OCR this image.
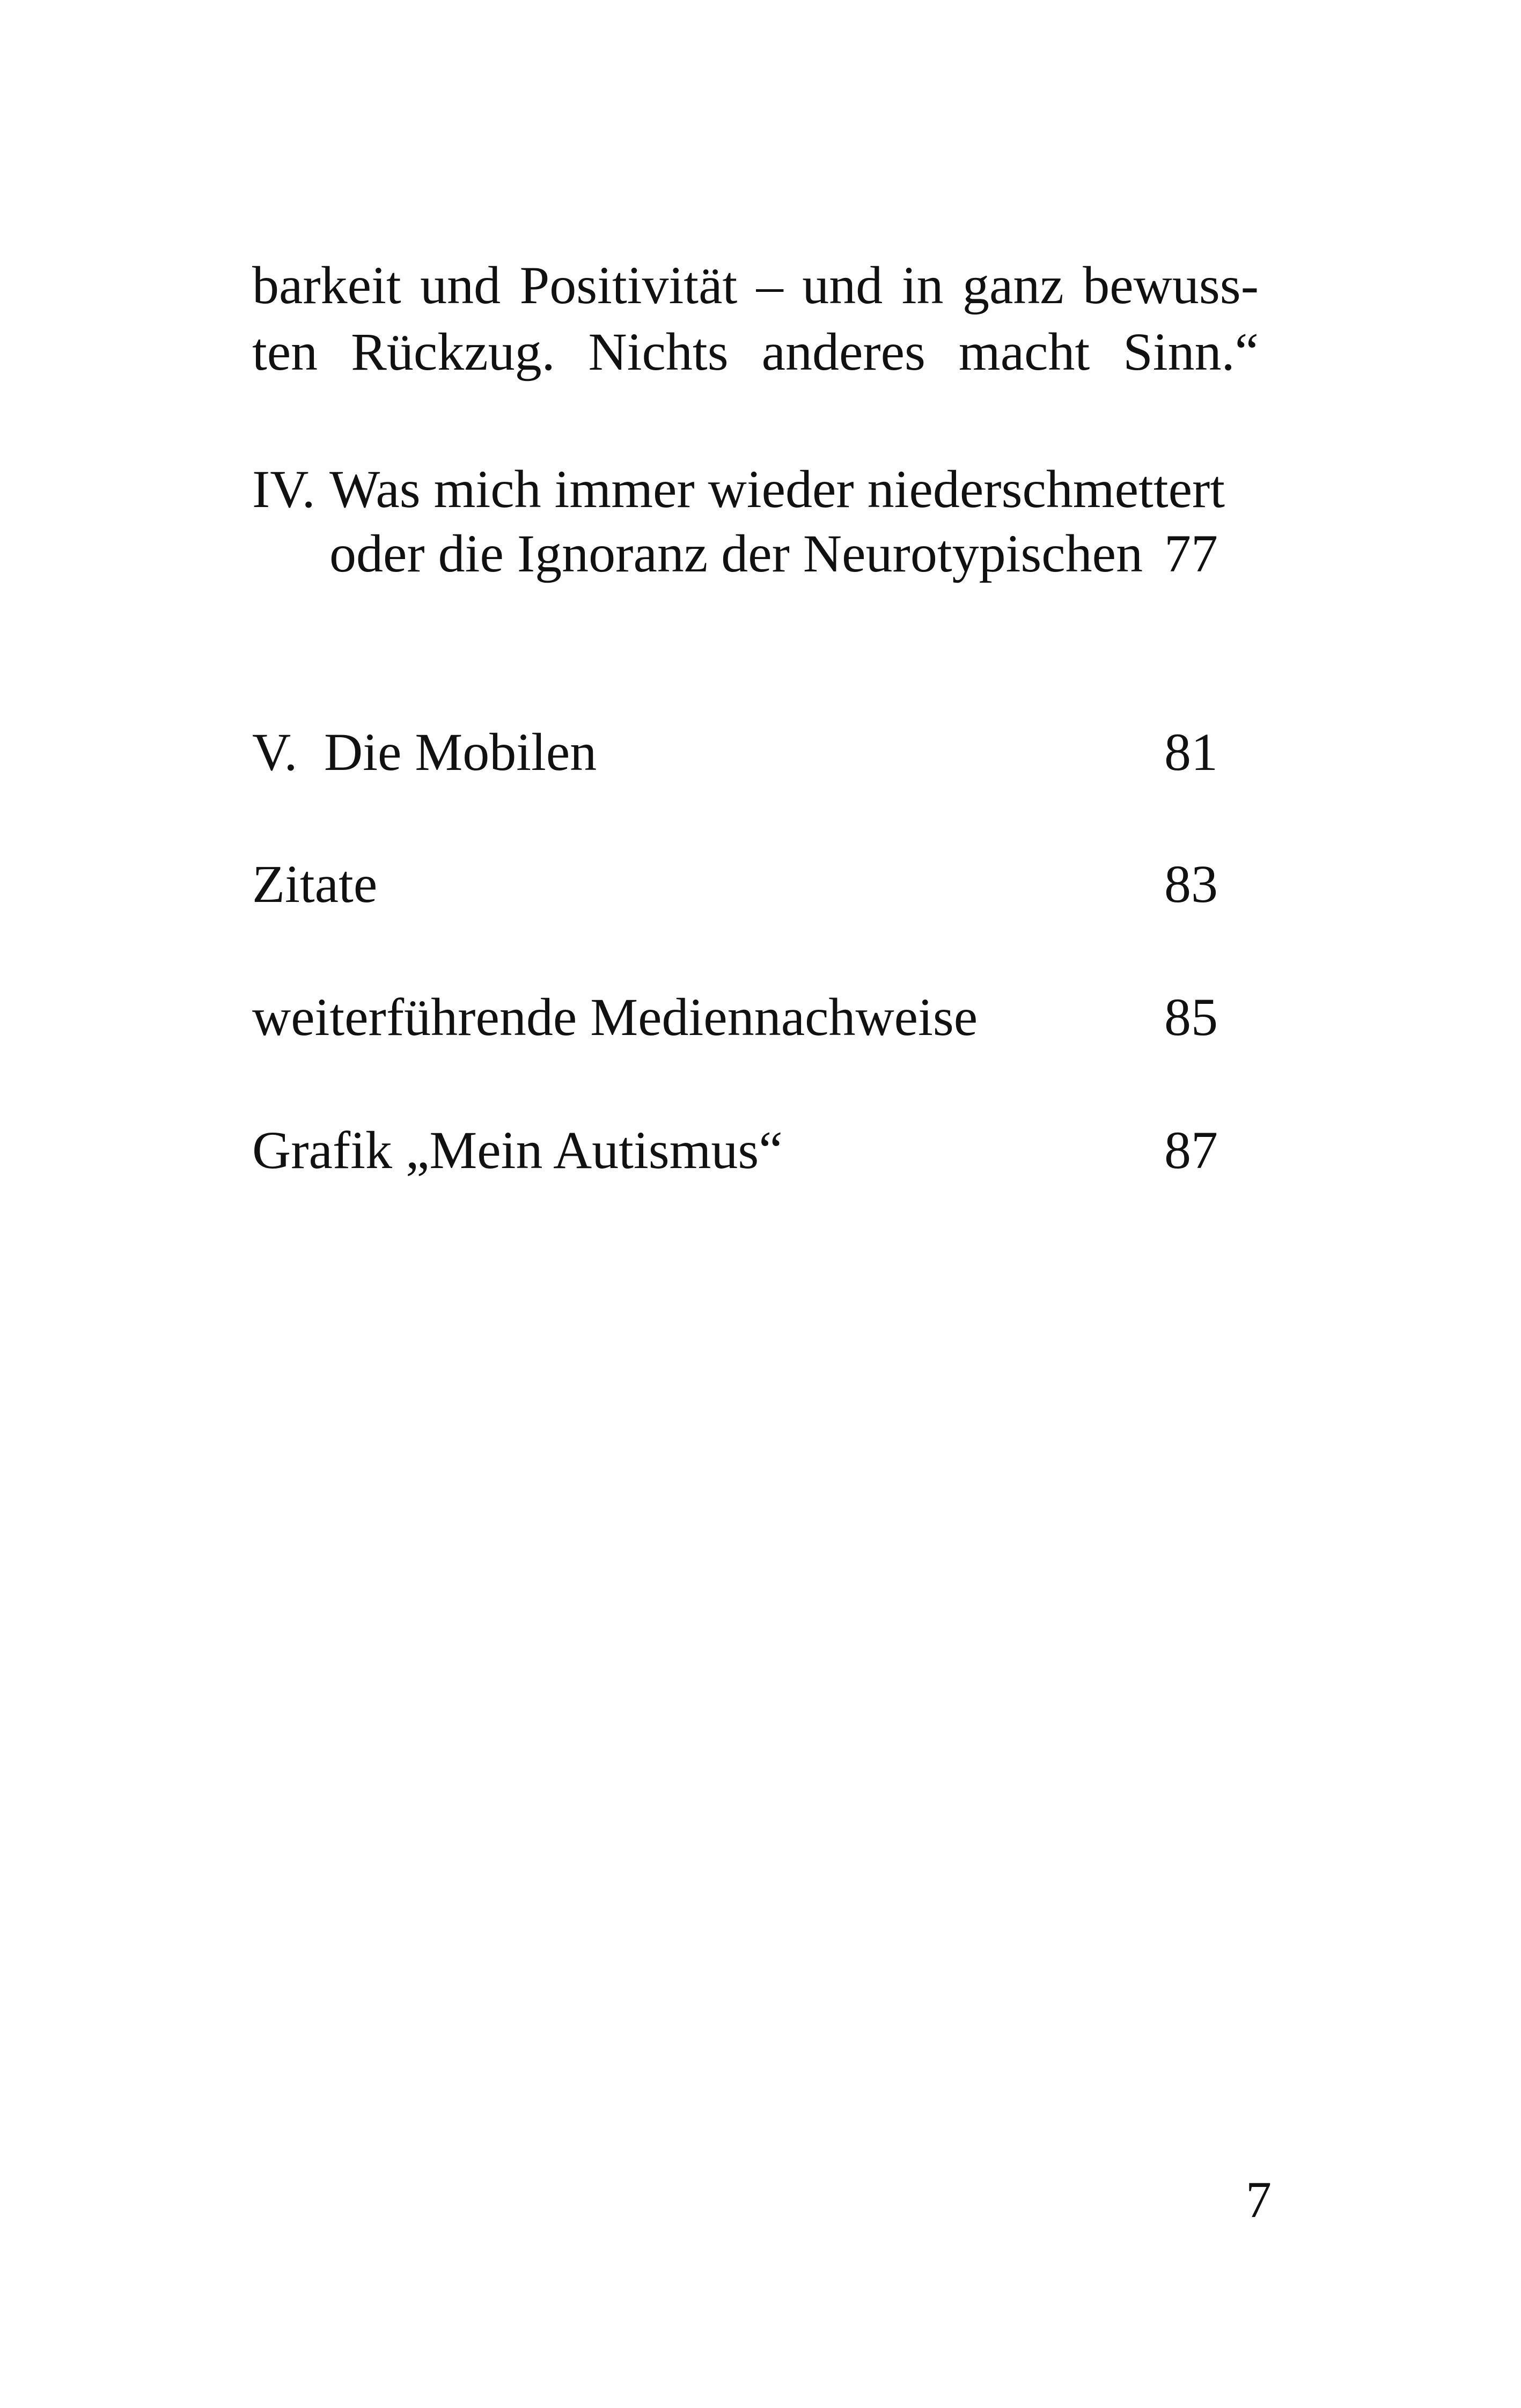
barkeit und Positivität – und in ganz bewuss-
ten Rückzug. Nichts anderes macht Sinn.“
IV. Was mich immer wieder niederschmettert
oder die Ignoranz der Neurotypischen 77
V. Die Mobilen	81
Zitate	83
weiterführende Mediennachweise	85
Grafik „Mein Autismus“	87
7
